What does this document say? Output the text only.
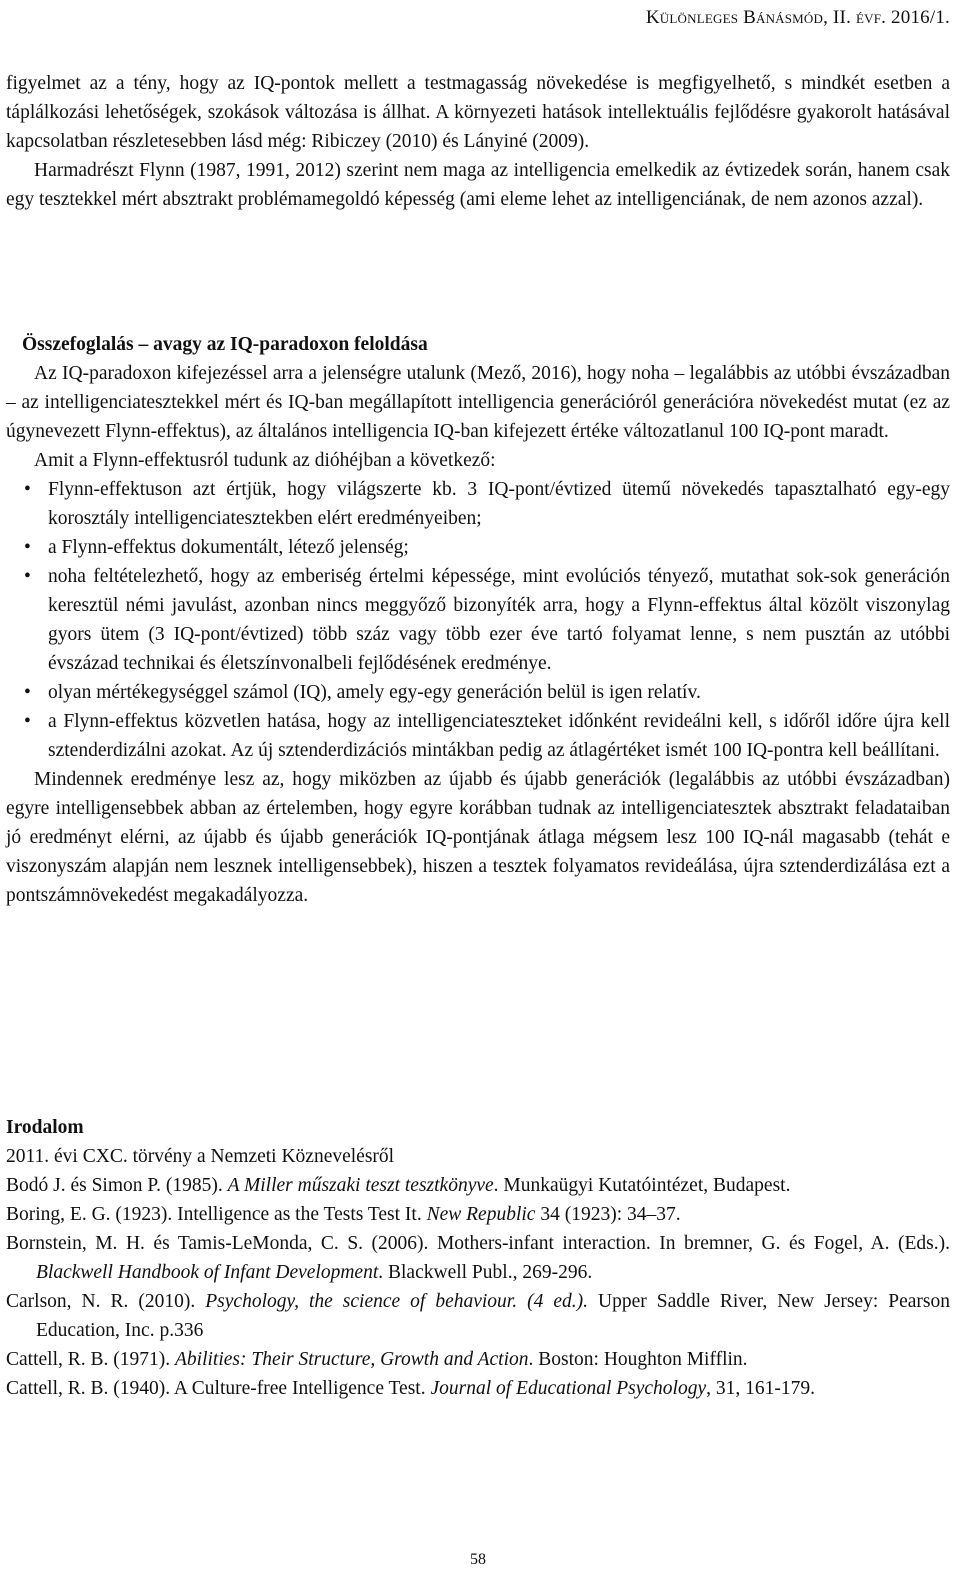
Különleges Bánásmód, II. évf. 2016/1.

figyelmet az a tény, hogy az IQ-pontok mellett a testmagasság növekedése is megfigyelhető, s mindkét esetben a táplálkozási lehetőségek, szokások változása is állhat. A környezeti hatások intellektuális fejlődésre gyakorolt hatásával kapcsolatban részletesebben lásd még: Ribiczey (2010) és Lányiné (2009).

Harmadrészt Flynn (1987, 1991, 2012) szerint nem maga az intelligencia emelkedik az évtizedek során, hanem csak egy tesztekkel mért absztrakt problémamegoldó képesség (ami eleme lehet az intelligenciának, de nem azonos azzal).

Összefoglalás – avagy az IQ-paradoxon feloldása

Az IQ-paradoxon kifejezéssel arra a jelenségre utalunk (Mező, 2016), hogy noha – legalábbis az utóbbi évszázadban – az intelligenciatesztekkel mért és IQ-ban megállapított intelligencia generációról generációra növekedést mutat (ez az úgynevezett Flynn-effektus), az általános intelligencia IQ-ban kifejezett értéke változatlanul 100 IQ-pont maradt.

Amit a Flynn-effektusról tudunk az dióhéjban a következő:

• Flynn-effektuson azt értjük, hogy világszerte kb. 3 IQ-pont/évtized ütemű növekedés tapasztalható egy-egy korosztály intelligenciatesztekben elért eredményeiben;
• a Flynn-effektus dokumentált, létező jelenség;
• noha feltételezhető, hogy az emberiség értelmi képessége, mint evolúciós tényező, mutathat sok-sok generáción keresztül némi javulást, azonban nincs meggyőző bizonyíték arra, hogy a Flynn-effektus által közölt viszonylag gyors ütem (3 IQ-pont/évtized) több száz vagy több ezer éve tartó folyamat lenne, s nem pusztán az utóbbi évszázad technikai és életszínvonalbeli fejlődésének eredménye.
• olyan mértékegységgel számol (IQ), amely egy-egy generáción belül is igen relatív.
• a Flynn-effektus közvetlen hatása, hogy az intelligenciateszteket időnként revideálni kell, s időről időre újra kell sztenderdizálni azokat. Az új sztenderdizációs mintákban pedig az átlagértéket ismét 100 IQ-pontra kell beállítani.

Mindennek eredménye lesz az, hogy miközben az újabb és újabb generációk (legalábbis az utóbbi évszázadban) egyre intelligensebbek abban az értelemben, hogy egyre korábban tudnak az intelligenciatesztek absztrakt feladataiban jó eredményt elérni, az újabb és újabb generációk IQ-pontjának átlaga mégsem lesz 100 IQ-nál magasabb (tehát e viszonyszám alapján nem lesznek intelligensebbek), hiszen a tesztek folyamatos revideálása, újra sztenderdizálása ezt a pontszámnövekedést megakadályozza.

Irodalom

2011. évi CXC. törvény a Nemzeti Köznevelésről

Bodó J. és Simon P. (1985). A Miller műszaki teszt tesztkönyve. Munkaügyi Kutatóintézet, Budapest.

Boring, E. G. (1923). Intelligence as the Tests Test It. New Republic 34 (1923): 34–37.

Bornstein, M. H. és Tamis-LeMonda, C. S. (2006). Mothers-infant interaction. In bremner, G. és Fogel, A. (Eds.). Blackwell Handbook of Infant Development. Blackwell Publ., 269-296.

Carlson, N. R. (2010). Psychology, the science of behaviour. (4 ed.). Upper Saddle River, New Jersey: Pearson Education, Inc. p.336

Cattell, R. B. (1971). Abilities: Their Structure, Growth and Action. Boston: Houghton Mifflin.

Cattell, R. B. (1940). A Culture-free Intelligence Test. Journal of Educational Psychology, 31, 161-179.

58
